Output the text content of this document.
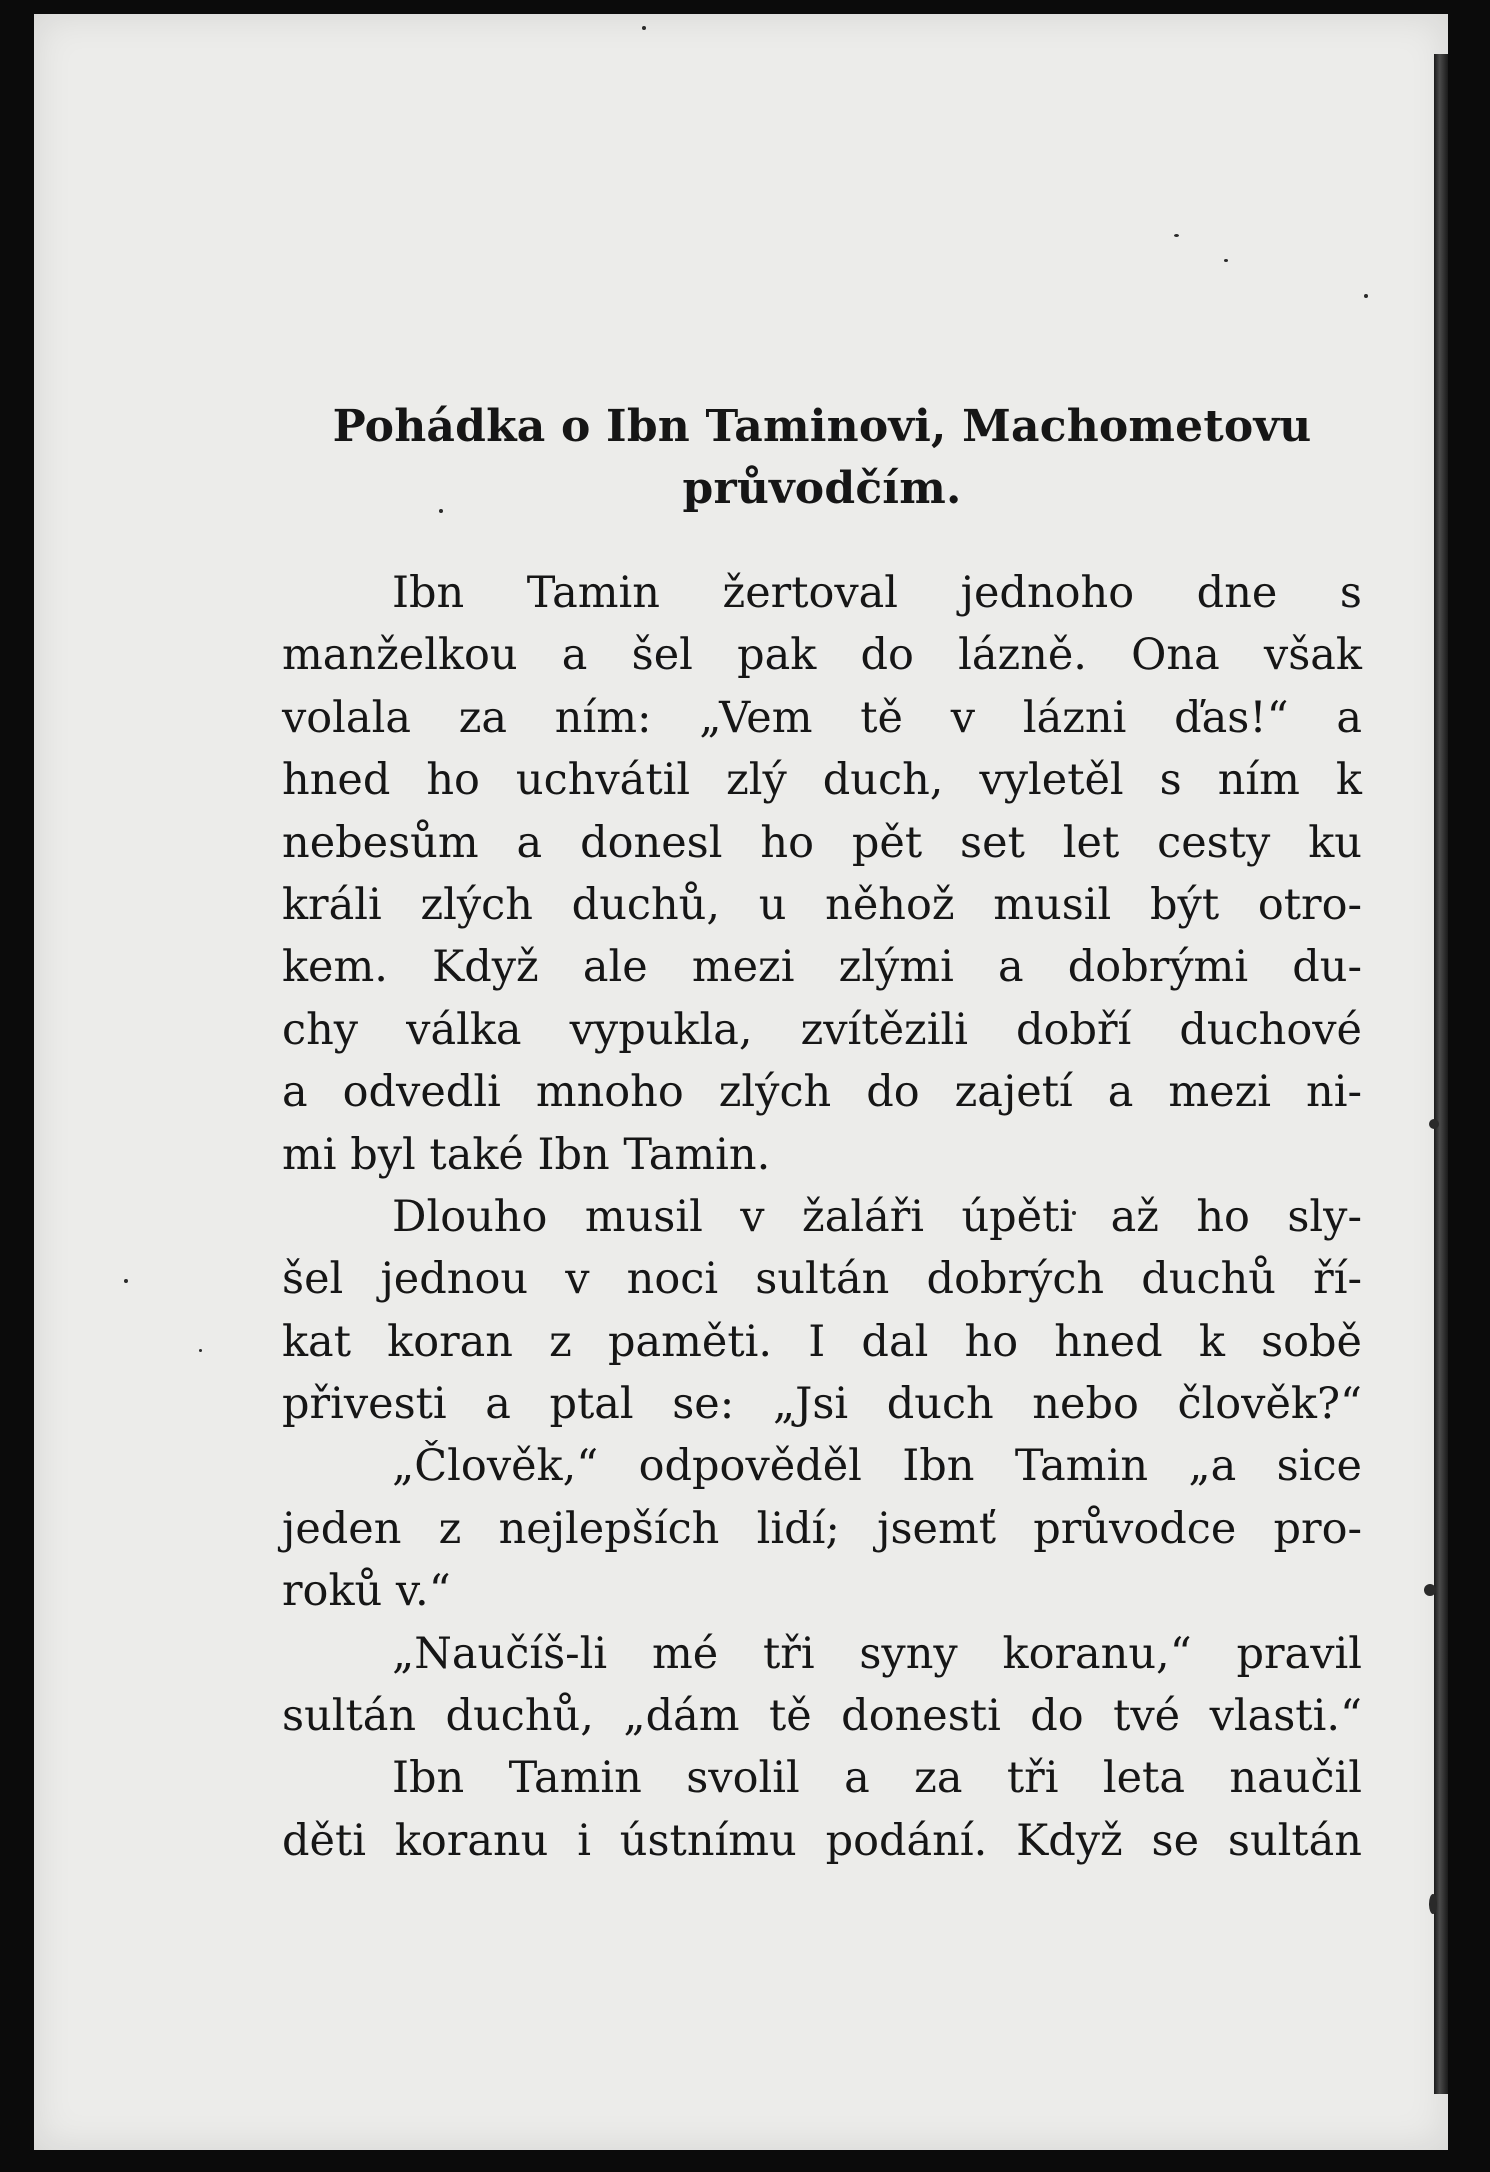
Pohádka o Ibn Taminovi, Machometovu
průvodčím.
Ibn Tamin žertoval jednoho dne s
manželkou a šel pak do lázně. Ona však
volala za ním: „Vem tě v lázni ďas!“ a
hned ho uchvátil zlý duch, vyletěl s ním k
nebesům a donesl ho pět set let cesty ku
králi zlých duchů, u něhož musil být otro-
kem. Když ale mezi zlými a dobrými du-
chy válka vypukla, zvítězili dobří duchové
a odvedli mnoho zlých do zajetí a mezi ni-
mi byl také Ibn Tamin.
Dlouho musil v žaláři úpěti až ho sly-
šel jednou v noci sultán dobrých duchů ří-
kat koran z paměti. I dal ho hned k sobě
přivesti a ptal se: „Jsi duch nebo člověk?“
„Člověk,“ odpověděl Ibn Tamin „a sice
jeden z nejlepších lidí; jsemť průvodce pro-
roků v.“
„Naučíš-li mé tři syny koranu,“ pravil
sultán duchů, „dám tě donesti do tvé vlasti.“
Ibn Tamin svolil a za tři leta naučil
děti koranu i ústnímu podání. Když se sultán
